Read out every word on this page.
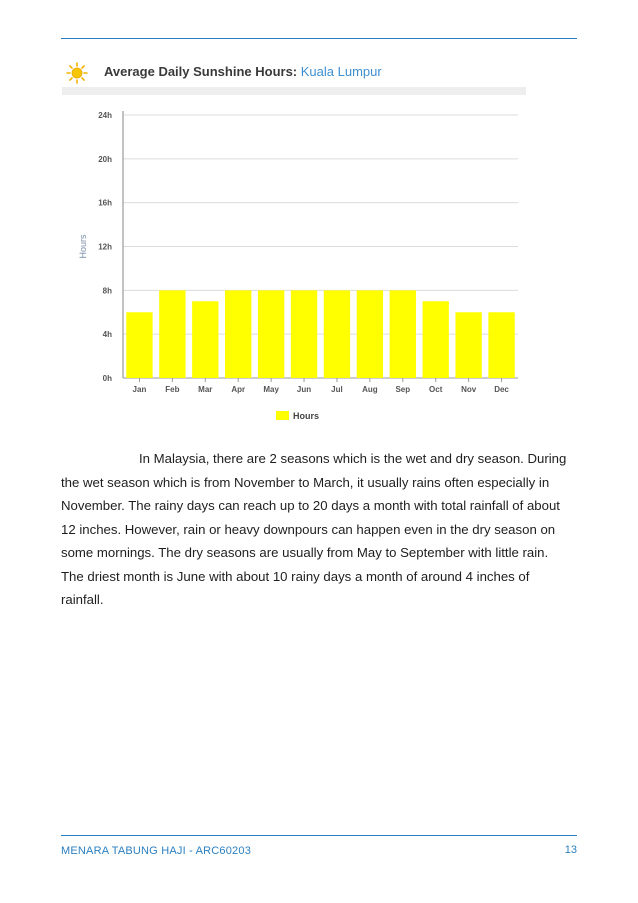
Average Daily Sunshine Hours: Kuala Lumpur
0h
4h
8h
12h
16h
20h
24h
Hours
Jan Feb Mar Apr May Jun	Jul Aug Sep Oct Nov Dec
Hours

In Malaysia, there are 2 seasons which is the wet and dry season. During the wet season which is from November to March, it usually rains often especially in November. The rainy days can reach up to 20 days a month with total rainfall of about 12 inches. However, rain or heavy downpours can happen even in the dry season on some mornings. The dry seasons are usually from May to September with little rain. The driest month is June with about 10 rainy days a month of around 4 inches of rainfall.

MENARA TABUNG HAJI - ARC60203	13
